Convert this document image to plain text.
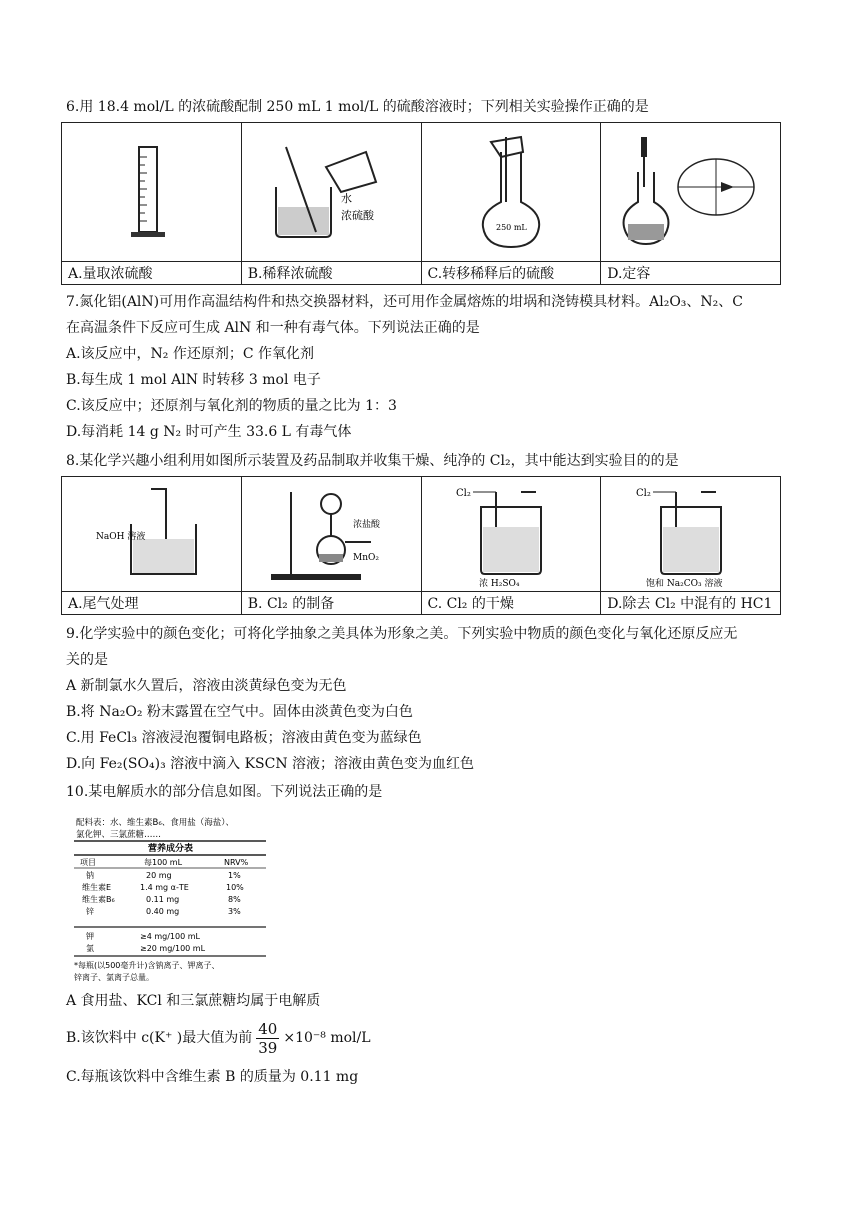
6.用 18.4 mol/L 的浓硫酸配制 250 mL 1 mol/L 的硫酸溶液时；下列相关实验操作正确的是

水
浓硫酸	250 mL

A.量取浓硫酸	B.稀释浓硫酸	C.转移稀释后的硫酸	D.定容
7.氮化铝(AlN)可用作高温结构件和热交换器材料，还可用作金属熔炼的坩埚和浇铸模具材料。Al₂O₃、N₂、C
在高温条件下反应可生成 AlN 和一种有毒气体。下列说法正确的是
A.该反应中，N₂ 作还原剂；C 作氧化剂
B.每生成 1 mol AlN 时转移 3 mol 电子
C.该反应中；还原剂与氧化剂的物质的量之比为 1：3
D.每消耗 14 g N₂ 时可产生 33.6 L 有毒气体
8.某化学兴趣小组利用如图所示装置及药品制取并收集干燥、纯净的 Cl₂，其中能达到实验目的的是
NaOH 溶液	浓盐酸
MnO₂	Cl₂
浓 H₂SO₄	Cl₂
饱和 Na₂CO₃ 溶液

A.尾气处理	B. Cl₂ 的制备	C. Cl₂ 的干燥	D.除去 Cl₂ 中混有的 HC1
9.化学实验中的颜色变化；可将化学抽象之美具体为形象之美。下列实验中物质的颜色变化与氧化还原反应无
关的是
A 新制氯水久置后，溶液由淡黄绿色变为无色
B.将 Na₂O₂ 粉末露置在空气中。固体由淡黄色变为白色
C.用 FeCl₃ 溶液浸泡覆铜电路板；溶液由黄色变为蓝绿色
D.向 Fe₂(SO₄)₃ 溶液中滴入 KSCN 溶液；溶液由黄色变为血红色
10.某电解质水的部分信息如图。下列说法正确的是
配料表：水、维生素B₆、食用盐（海盐）、
氯化钾、三氯蔗糖……
营养成分表
项目	每100 mL	NRV%
钠	20 mg	1%
维生素E	1.4 mg α-TE	10%
维生素B₆	0.11 mg	8%
锌	0.40 mg	3%
钾	≥4 mg/100 mL
氯	≥20 mg/100 mL
*每瓶(以500毫升计)含钠离子、钾离子、
锌离子、氯离子总量。
A 食用盐、KCl 和三氯蔗糖均属于电解质
B.该饮料中 c(K⁺ )最大值为前 $\frac{40}{39} \times 10^{-8}$ mol/L
C.每瓶该饮料中含维生素 B 的质量为 0.11 mg
